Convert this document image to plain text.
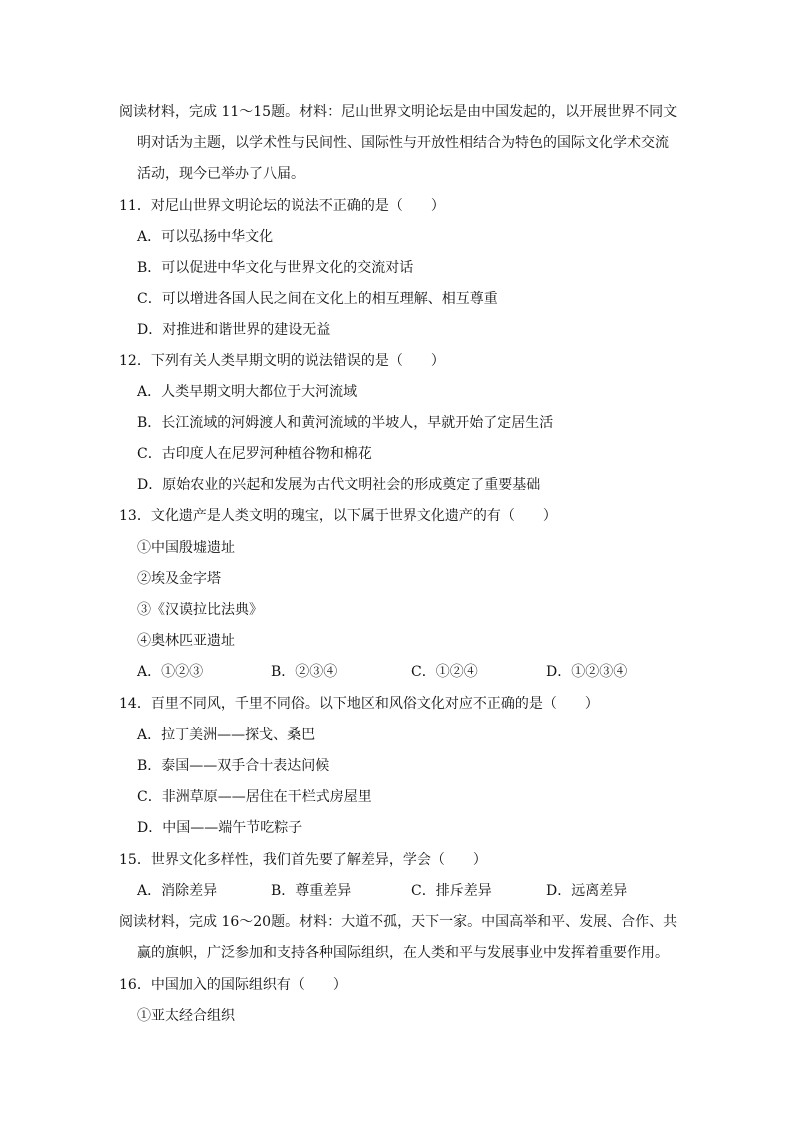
阅读材料，完成 11～15题。材料：尼山世界文明论坛是由中国发起的，以开展世界不同文
明对话为主题，以学术性与民间性、国际性与开放性相结合为特色的国际文化学术交流
活动，现今已举办了八届。
11．对尼山世界文明论坛的说法不正确的是（　　）
A．可以弘扬中华文化
B．可以促进中华文化与世界文化的交流对话
C．可以增进各国人民之间在文化上的相互理解、相互尊重
D．对推进和谐世界的建设无益
12．下列有关人类早期文明的说法错误的是（　　）
A．人类早期文明大都位于大河流域
B．长江流域的河姆渡人和黄河流域的半坡人，早就开始了定居生活
C．古印度人在尼罗河种植谷物和棉花
D．原始农业的兴起和发展为古代文明社会的形成奠定了重要基础
13．文化遗产是人类文明的瑰宝，以下属于世界文化遗产的有（　　）
①中国殷墟遗址
②埃及金字塔
③《汉谟拉比法典》
④奥林匹亚遗址
A．①②③	B．②③④	C．①②④	D．①②③④
14．百里不同风，千里不同俗。以下地区和风俗文化对应不正确的是（　　）
A．拉丁美洲——探戈、桑巴
B．泰国——双手合十表达问候
C．非洲草原——居住在干栏式房屋里
D．中国——端午节吃粽子
15．世界文化多样性，我们首先要了解差异，学会（　　）
A．消除差异	B．尊重差异	C．排斥差异	D．远离差异
阅读材料，完成 16～20题。材料：大道不孤，天下一家。中国高举和平、发展、合作、共
赢的旗帜，广泛参加和支持各种国际组织，在人类和平与发展事业中发挥着重要作用。
16．中国加入的国际组织有（　　）
①亚太经合组织
